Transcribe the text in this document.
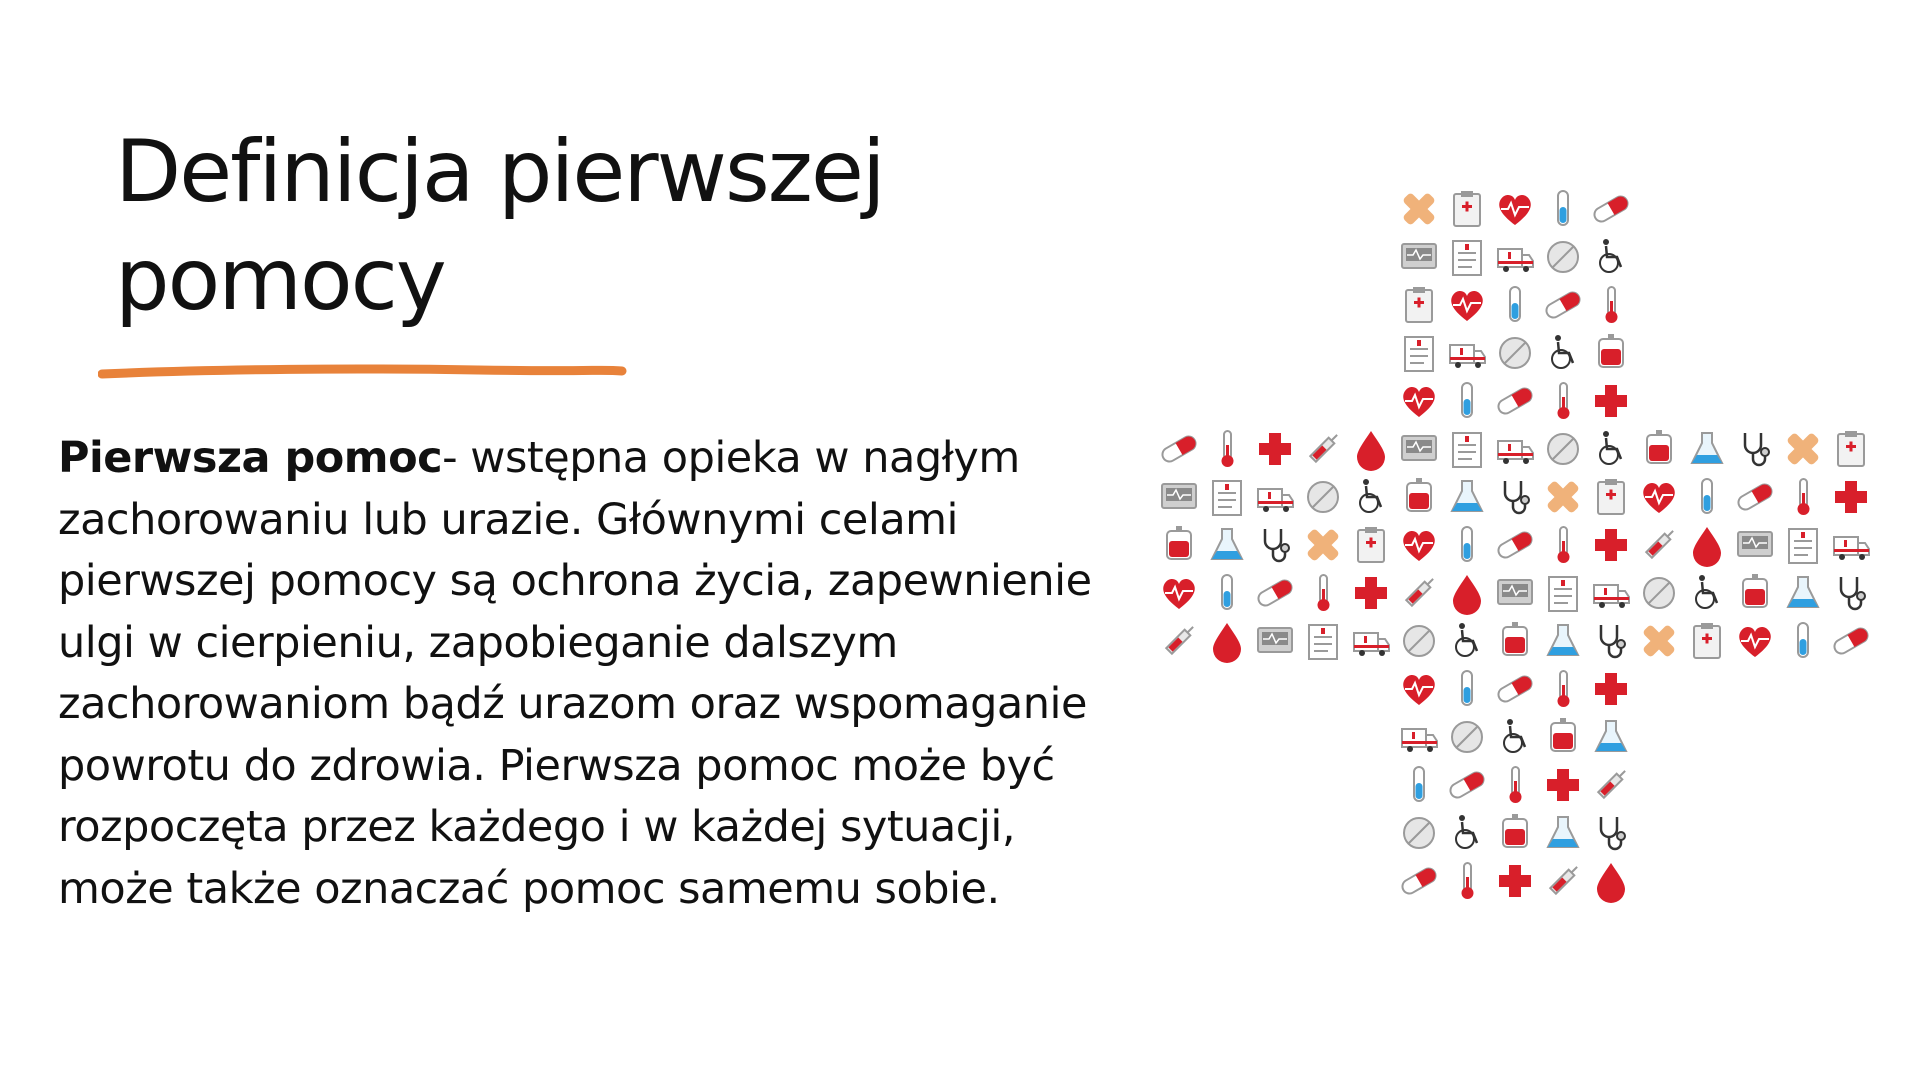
Definicja pierwszej
pomocy

Pierwsza pomoc- wstępna opieka w nagłym zachorowaniu lub urazie. Głównymi celami pierwszej pomocy są ochrona życia, zapewnienie ulgi w cierpieniu, zapobieganie dalszym zachorowaniom bądź urazom oraz wspomaganie powrotu do zdrowia. Pierwsza pomoc może być rozpoczęta przez każdego i w każdej sytuacji, może także oznaczać pomoc samemu sobie.
